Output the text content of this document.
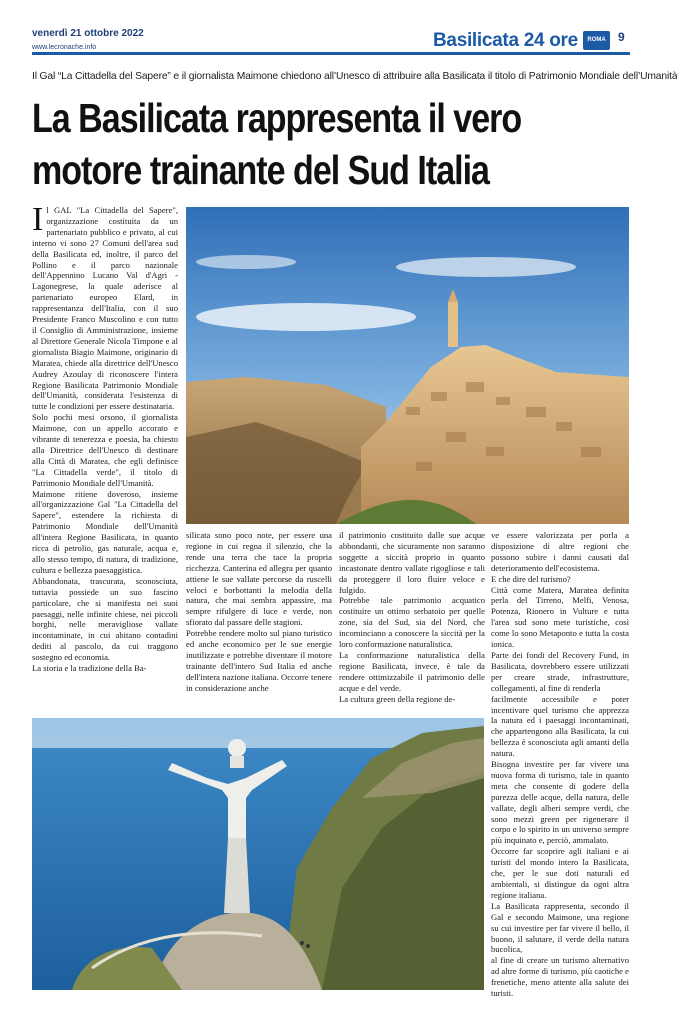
venerdì 21 ottobre 2022
www.lecronache.info	Basilicata 24 ore	ROMA	9
Il Gal “La Cittadella del Sapere” e il giornalista Maimone chiedono all’Unesco di attribuire alla Basilicata il titolo di Patrimonio Mondiale dell’Umanità
La Basilicata rappresenta il vero motore trainante del Sud Italia
I l GAL "La Cittadella del Sapere", organizzazione costituita da un partenariato pubblico e privato, al cui interno vi sono 27 Comuni dell'area sud della Basilicata ed, inoltre, il parco del Pollino e il parco nazionale dell'Appennino Lucano Val d'Agri - Lagonegrese, la quale aderisce al partenariato europeo Elard, in rappresentanza dell'Italia, con il suo Presidente Franco Muscolino e con tutto il Consiglio di Amministrazione, insieme al Direttore Generale Nicola Timpone e al giornalista Biagio Maimone, originario di Maratea, chiede alla direttrice dell'Unesco Audrey Azoulay di riconoscere l'intera Regione Basilicata Patrimonio Mondiale dell'Umanità, considerata l'esistenza di tutte le condizioni per essere destinataria.

Solo pochi mesi orsono, il giornalista Maimone, con un appello accorato e vibrante di tenerezza e poesia, ha chiesto alla Direttrice dell'Unesco di destinare alla Città di Maratea, che egli definisce "La Cittadella verde", il titolo di Patrimonio Mondiale dell'Umanità.

Maimone ritiene doveroso, insieme all'organizzazione Gal "La Cittadella del Sapere", estendere la richiesta di Patrimonio Mondiale dell'Umanità all'intera Regione Basilicata, in quanto ricca di petrolio, gas naturale, acqua e, allo stesso tempo, di natura, di tradizione, cultura e bellezza paesaggistica.

Abbandonata, trascurata, sconosciuta, tuttavia possiede un suo fascino particolare, che si manifesta nei suoi paesaggi, nelle infinite chiese, nei piccoli borghi, nelle meravigliose vallate incontaminate, in cui abitano contadini dediti al pascolo, da cui traggono sostegno ed economia.

La storia e la tradizione della Ba-

silicata sono poco note, per essere una regione in cui regna il silenzio, che la rende una terra che tace la propria ricchezza. Canterina ed allegra per quanto attiene le sue vallate percorse da ruscelli veloci e borbottanti la melodia della natura, che mai sembra appassire, ma sempre rifulgere di luce e verde, non sfiorato dal passare delle stagioni.

Potrebbe rendere molto sul piano turistico ed anche economico per le sue energie inutilizzate e potrebbe diventare il motore trainante dell'intero Sud Italia ed anche dell'intera nazione italiana. Occorre tenere in considerazione anche

il patrimonio costituito dalle sue acque abbondanti, che sicuramente non saranno soggette a siccità proprio in quanto incastonate dentro vallate rigogliose e tali da proteggere il loro fluire veloce e fulgido.

Potrebbe tale patrimonio acquatico costituire un ottimo serbatoio per quelle zone, sia del Sud, sia del Nord, che incominciano a conoscere la siccità per la loro conformazione naturalistica.

La conformazione naturalistica della regione Basilicata, invece, è tale da rendere ottimizzabile il patrimonio delle acque e del verde.

La cultura green della regione de-

ve essere valorizzata per porla a disposizione di altre regioni che possono subire i danni causati dal deterioramento dell'ecosistema.

E che dire del turismo?

Città come Matera, Maratea definita perla del Tirreno, Melfi, Venosa, Potenza, Rionero in Vulture e tutta l'area sud sono mete turistiche, così come lo sono Metaponto e tutta la costa ionica.

Parte dei fondi del Recovery Fund, in Basilicata, dovrebbero essere utilizzati per creare strade, infrastrutture, collegamenti, al fine di renderla

facilmente accessibile e poter incentivare quel turismo che apprezza la natura ed i paesaggi incontaminati, che appartengono alla Basilicata, la cui bellezza è sconosciuta agli amanti della natura.

Bisogna investire per far vivere una nuova forma di turismo, tale in quanto meta che consente di godere della purezza delle acque, della natura, delle vallate, degli alberi sempre verdi, che sono mezzi green per rigenerare il corpo e lo spirito in un universo sempre più inquinato e, perciò, ammalato.

Occorre far scoprire agli italiani e ai turisti del mondo intero la Basilicata, che, per le sue doti naturali ed ambientali, si distingue da ogni altra regione italiana.

La Basilicata rappresenta, secondo il Gal e secondo Maimone, una regione su cui investire per far vivere il bello, il buono, il salutare, il verde della natura bucolica,

al fine di creare un turismo alternativo ad altre forme di turismo, più caotiche e frenetiche, meno attente alla salute dei turisti.
